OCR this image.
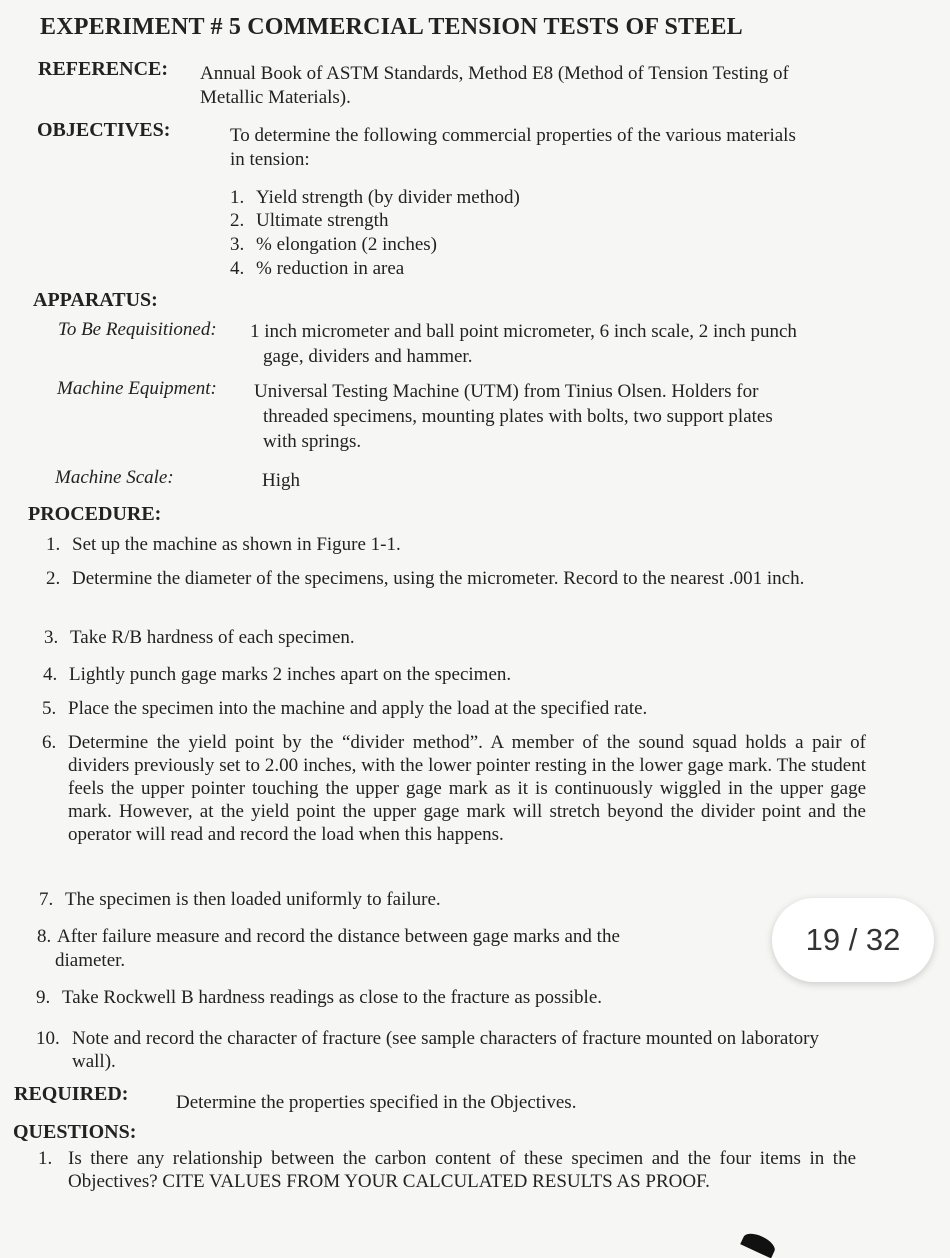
EXPERIMENT # 5 COMMERCIAL TENSION TESTS OF STEEL
REFERENCE: Annual Book of ASTM Standards, Method E8 (Method of Tension Testing of
Metallic Materials).
OBJECTIVES:	To determine the following commercial properties of the various materials
in tension:
1. Yield strength (by divider method)
2. Ultimate strength
3. % elongation (2 inches)
4. % reduction in area
APPARATUS:
To Be Requisitioned: 1 inch micrometer and ball point micrometer, 6 inch scale, 2 inch punch
gage, dividers and hammer.
Machine Equipment: Universal Testing Machine (UTM) from Tinius Olsen. Holders for
threaded specimens, mounting plates with bolts, two support plates
with springs.
Machine Scale:	High
PROCEDURE:
1. Set up the machine as shown in Figure 1-1.
2. Determine the diameter of the specimens, using the micrometer. Record to the nearest .001 inch.
3. Take R/B hardness of each specimen.
4. Lightly punch gage marks 2 inches apart on the specimen.
5. Place the specimen into the machine and apply the load at the specified rate.
6. Determine the yield point by the “divider method”. A member of the sound squad holds a pair of dividers previously set to 2.00 inches, with the lower pointer resting in the lower gage mark. The student feels the upper pointer touching the upper gage mark as it is continuously wiggled in the upper gage mark. However, at the yield point the upper gage mark will stretch beyond the divider point and the operator will read and record the load when this happens.
7. The specimen is then loaded uniformly to failure.
8. After failure measure and record the distance between gage marks and the
diameter.
9. Take Rockwell B hardness readings as close to the fracture as possible.
10. Note and record the character of fracture (see sample characters of fracture mounted on laboratory wall).
REQUIRED:	Determine the properties specified in the Objectives.
QUESTIONS:
1. Is there any relationship between the carbon content of these specimen and the four items in the Objectives? CITE VALUES FROM YOUR CALCULATED RESULTS AS PROOF.
19 / 32
